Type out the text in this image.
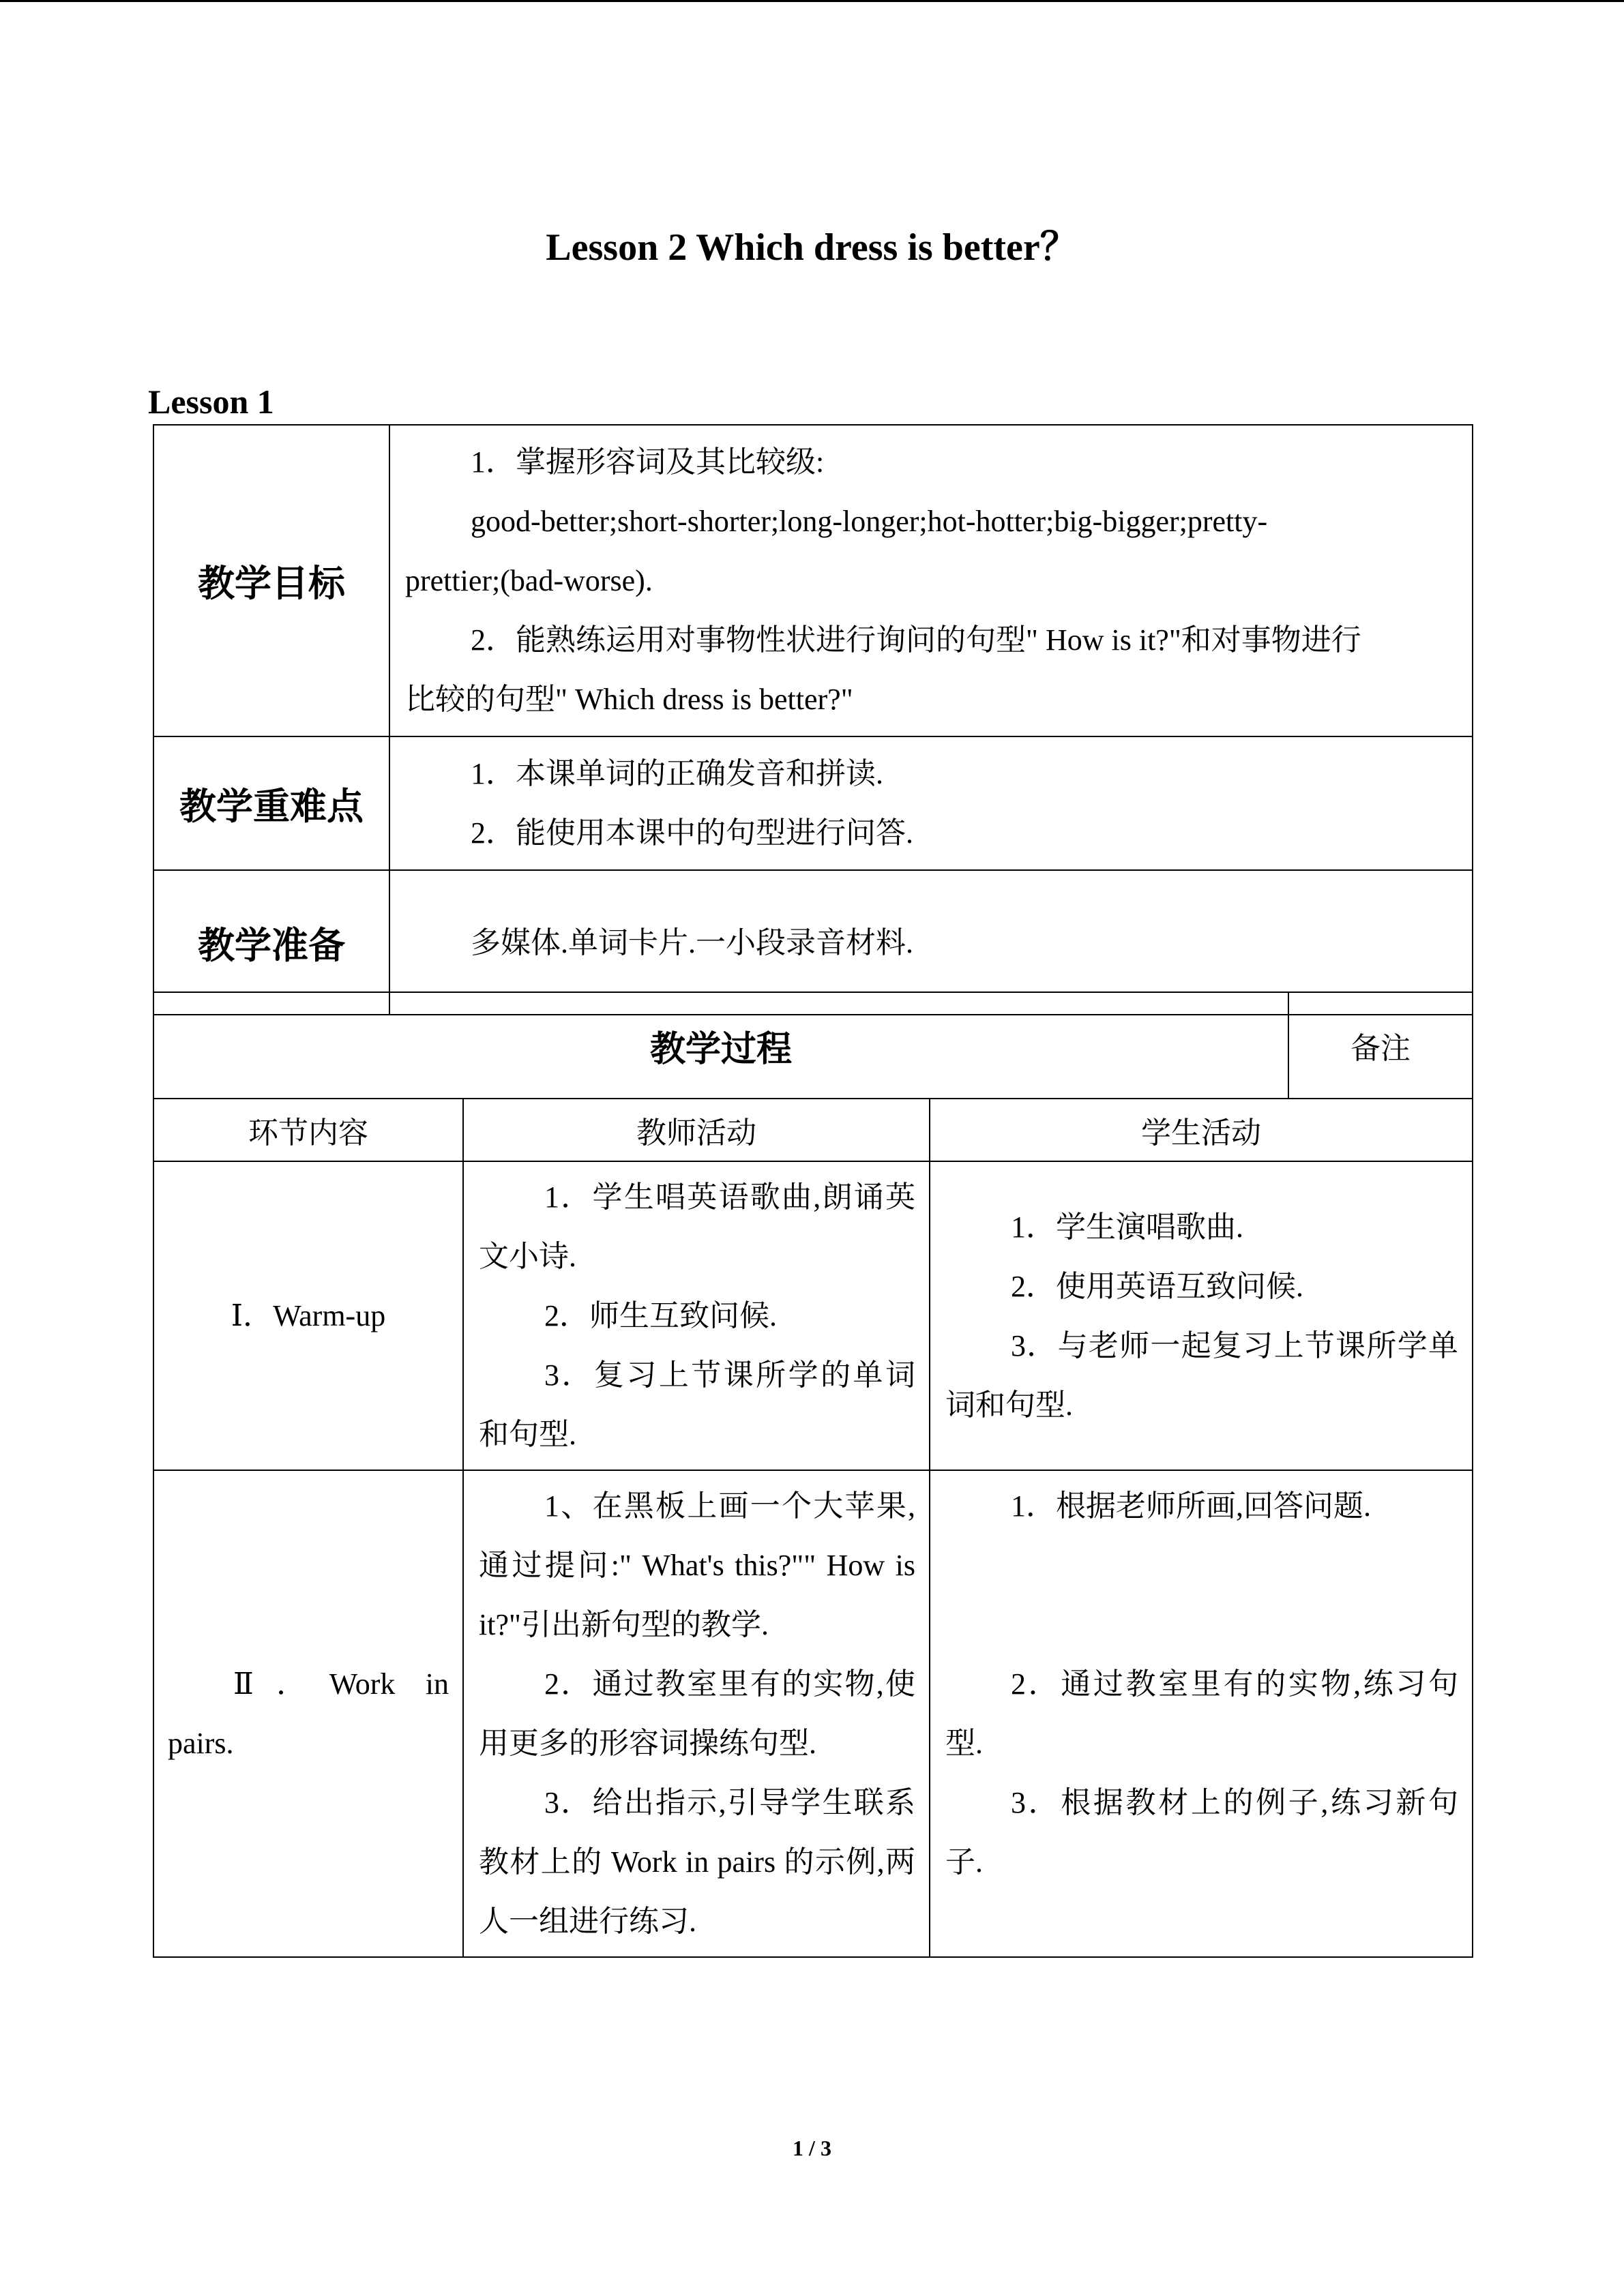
Lesson 2 Which dress is better？
Lesson 1
教学目标	1．掌握形容词及其比较级:
good-better;short-shorter;long-longer;hot-hotter;big-bigger;pretty-
prettier;(bad-worse).
2．能熟练运用对事物性状进行询问的句型" How is it?"和对事物进行
比较的句型" Which dress is better?"

教学重难点	1．本课单词的正确发音和拼读.
2．能使用本课中的句型进行问答.

教学准备	多媒体.单词卡片.一小段录音材料.
教学过程	备注
环节内容	教师活动	学生活动
Ⅰ．Warm-up	1．学生唱英语歌曲,朗诵英文小诗.
2．师生互致问候.
3．复习上节课所学的单词和句型.	1．学生演唱歌曲.
2．使用英语互致问候.
3．与老师一起复习上节课所学单词和句型.

Ⅱ．Work in pairs.	1、在黑板上画一个大苹果,通过提问:" What's this?"" How is it?"引出新句型的教学.
2．通过教室里有的实物,使用更多的形容词操练句型.
3．给出指示,引导学生联系教材上的 Work in pairs 的示例,两人一组进行练习.	1．根据老师所画,回答问题.
2．通过教室里有的实物,练习句型.
3．根据教材上的例子,练习新句子.
1 / 3
